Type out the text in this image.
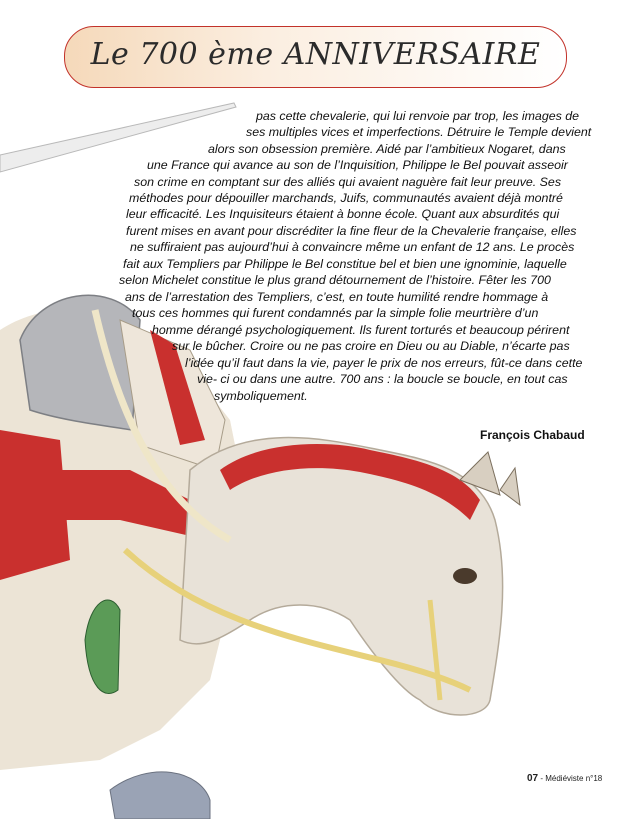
Le 700 ème ANNIVERSAIRE
pas cette chevalerie, qui lui renvoie par trop, les images de
ses multiples vices et imperfections. Détruire le Temple devient
alors son obsession première. Aidé par l’ambitieux Nogaret, dans
une France qui avance au son de l’Inquisition, Philippe le Bel pouvait asseoir
son crime en comptant sur des alliés qui avaient naguère fait leur preuve. Ses
méthodes pour dépouiller marchands, Juifs, communautés avaient déjà montré
leur efficacité. Les Inquisiteurs étaient à bonne école. Quant aux absurdités qui
furent mises en avant pour discréditer la fine fleur de la Chevalerie française, elles
ne suffiraient pas aujourd’hui à convaincre même un enfant de 12 ans. Le procès
fait aux Templiers par Philippe le Bel constitue bel et bien une ignominie, laquelle
selon Michelet constitue le plus grand détournement de l’histoire. Fêter les 700
ans de l’arrestation des Templiers, c’est, en toute humilité rendre hommage à
tous ces hommes qui furent condamnés par la simple folie meurtrière d’un
homme dérangé psychologiquement. Ils furent torturés et beaucoup périrent
sur le bûcher. Croire ou ne pas croire en Dieu ou au Diable, n’écarte pas
l’idée qu’il faut dans la vie, payer le prix de nos erreurs, fût-ce dans cette
vie- ci ou dans une autre. 700 ans : la boucle se boucle, en tout cas
symboliquement.
François Chabaud
07 - Médiéviste n°18
